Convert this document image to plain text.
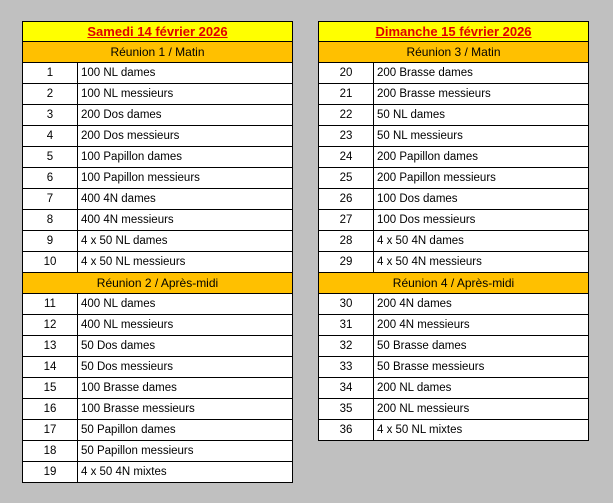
Samedi 14 février 2026
Réunion 1 / Matin
1	100 NL dames
2	100 NL messieurs
3	200 Dos dames
4	200 Dos messieurs
5	100 Papillon dames
6	100 Papillon messieurs
7	400 4N dames
8	400 4N messieurs
9	4 x 50 NL dames
10	4 x 50 NL messieurs
Réunion 2 / Après-midi
11	400 NL dames
12	400 NL messieurs
13	50 Dos dames
14	50 Dos messieurs
15	100 Brasse dames
16	100 Brasse messieurs
17	50 Papillon dames
18	50 Papillon messieurs
19	4 x 50 4N mixtes
Dimanche 15 février 2026
Réunion 3 / Matin
20	200 Brasse dames
21	200 Brasse messieurs
22	50 NL dames
23	50 NL messieurs
24	200 Papillon dames
25	200 Papillon messieurs
26	100 Dos dames
27	100 Dos messieurs
28	4 x 50 4N dames
29	4 x 50 4N messieurs
Réunion 4 / Après-midi
30	200 4N dames
31	200 4N messieurs
32	50 Brasse dames
33	50 Brasse messieurs
34	200 NL dames
35	200 NL messieurs
36	4 x 50 NL mixtes
